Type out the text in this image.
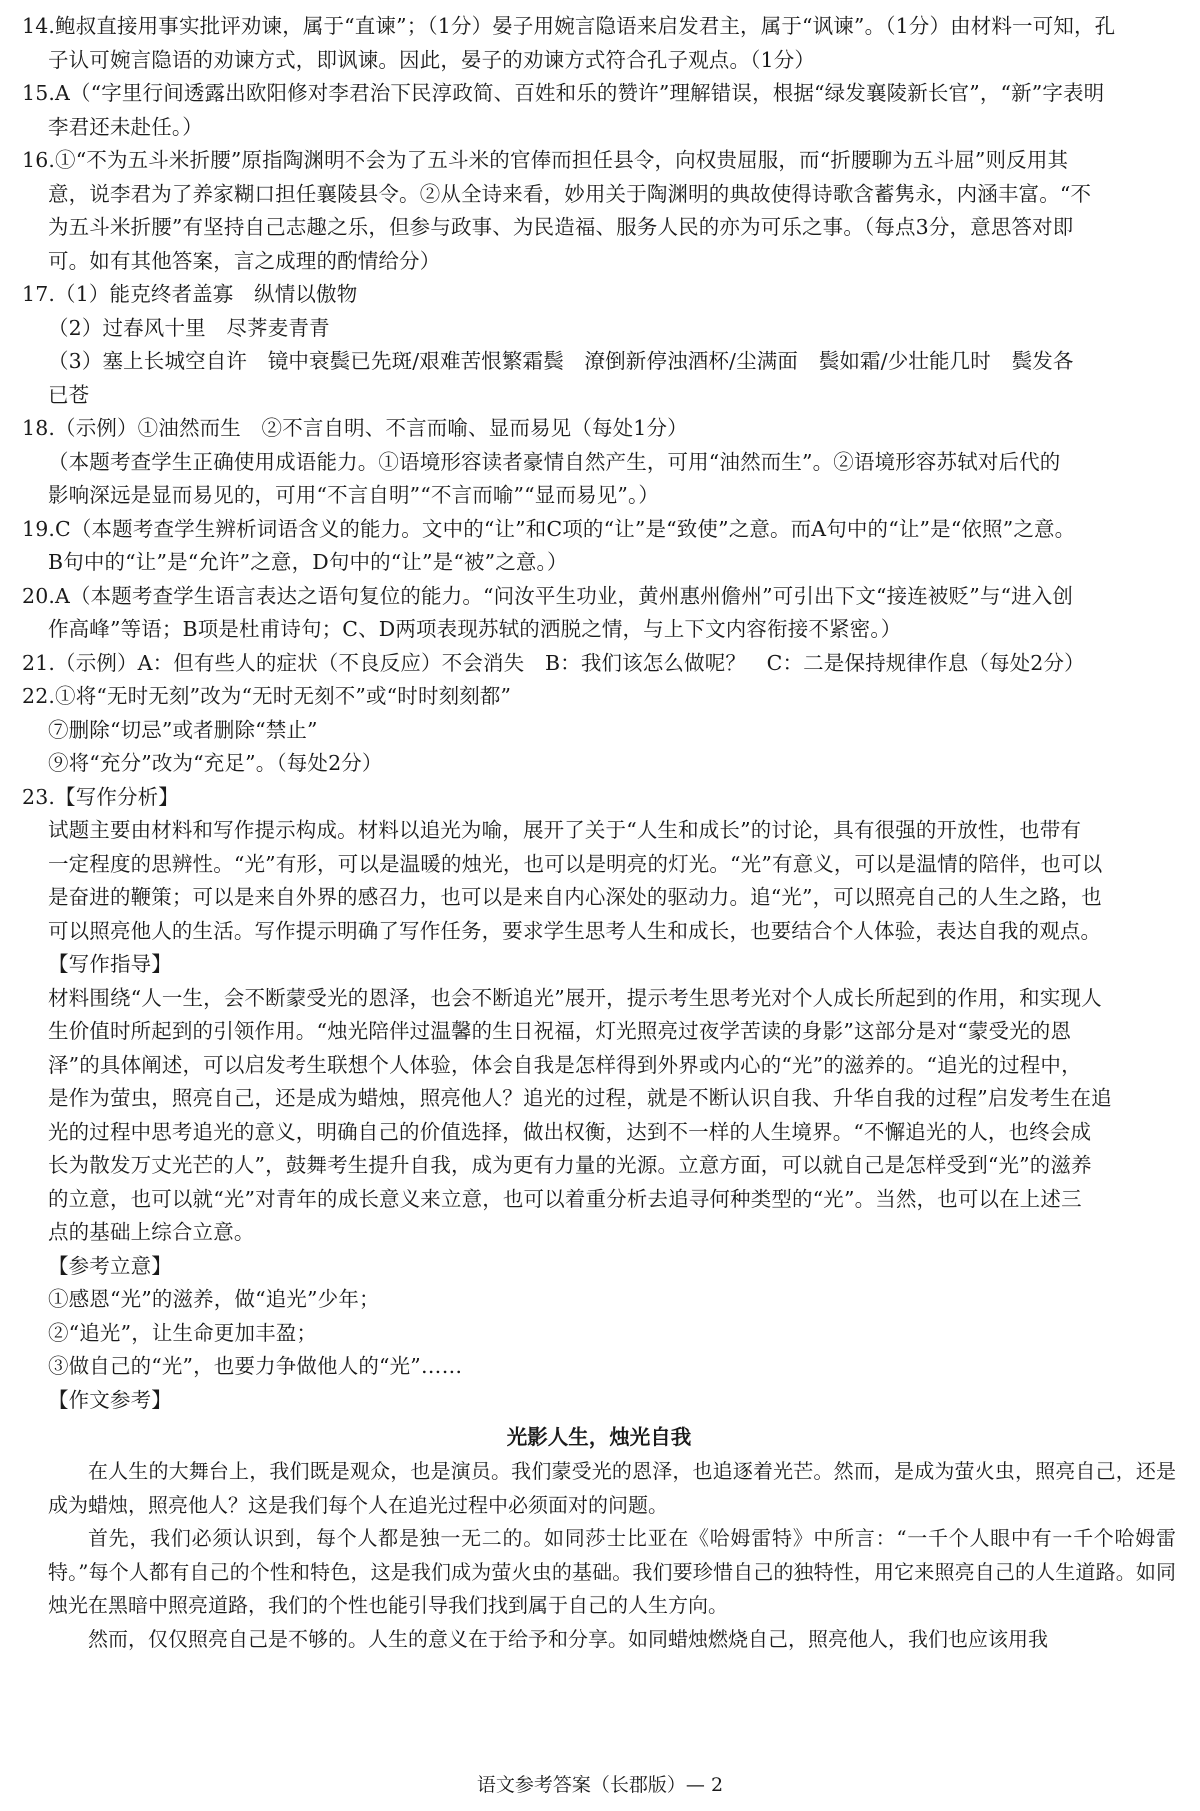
14.鲍叔直接用事实批评劝谏，属于“直谏”；（1分）晏子用婉言隐语来启发君主，属于“讽谏”。（1分）由材料一可知，孔
子认可婉言隐语的劝谏方式，即讽谏。因此，晏子的劝谏方式符合孔子观点。（1分）
15.A（“字里行间透露出欧阳修对李君治下民淳政简、百姓和乐的赞许”理解错误，根据“绿发襄陵新长官”，“新”字表明
李君还未赴任。）
16.①“不为五斗米折腰”原指陶渊明不会为了五斗米的官俸而担任县令，向权贵屈服，而“折腰聊为五斗屈”则反用其
意，说李君为了养家糊口担任襄陵县令。②从全诗来看，妙用关于陶渊明的典故使得诗歌含蓄隽永，内涵丰富。“不
为五斗米折腰”有坚持自己志趣之乐，但参与政事、为民造福、服务人民的亦为可乐之事。（每点3分，意思答对即
可。如有其他答案，言之成理的酌情给分）
17.（1）能克终者盖寡　纵情以傲物
（2）过春风十里　尽荠麦青青
（3）塞上长城空自许　镜中衰鬓已先斑/艰难苦恨繁霜鬓　潦倒新停浊酒杯/尘满面　鬓如霜/少壮能几时　鬓发各
已苍
18.（示例）①油然而生　②不言自明、不言而喻、显而易见（每处1分）
（本题考查学生正确使用成语能力。①语境形容读者豪情自然产生，可用“油然而生”。②语境形容苏轼对后代的
影响深远是显而易见的，可用“不言自明”“不言而喻”“显而易见”。）
19.C（本题考查学生辨析词语含义的能力。文中的“让”和C项的“让”是“致使”之意。而A句中的“让”是“依照”之意。
B句中的“让”是“允许”之意，D句中的“让”是“被”之意。）
20.A（本题考查学生语言表达之语句复位的能力。“问汝平生功业，黄州惠州儋州”可引出下文“接连被贬”与“进入创
作高峰”等语；B项是杜甫诗句；C、D两项表现苏轼的洒脱之情，与上下文内容衔接不紧密。）
21.（示例）A：但有些人的症状（不良反应）不会消失　B：我们该怎么做呢？　C：二是保持规律作息（每处2分）
22.①将“无时无刻”改为“无时无刻不”或“时时刻刻都”
⑦删除“切忌”或者删除“禁止”
⑨将“充分”改为“充足”。（每处2分）
23.【写作分析】
试题主要由材料和写作提示构成。材料以追光为喻，展开了关于“人生和成长”的讨论，具有很强的开放性，也带有
一定程度的思辨性。“光”有形，可以是温暖的烛光，也可以是明亮的灯光。“光”有意义，可以是温情的陪伴，也可以
是奋进的鞭策；可以是来自外界的感召力，也可以是来自内心深处的驱动力。追“光”，可以照亮自己的人生之路，也
可以照亮他人的生活。写作提示明确了写作任务，要求学生思考人生和成长，也要结合个人体验，表达自我的观点。
【写作指导】
材料围绕“人一生，会不断蒙受光的恩泽，也会不断追光”展开，提示考生思考光对个人成长所起到的作用，和实现人
生价值时所起到的引领作用。“烛光陪伴过温馨的生日祝福，灯光照亮过夜学苦读的身影”这部分是对“蒙受光的恩
泽”的具体阐述，可以启发考生联想个人体验，体会自我是怎样得到外界或内心的“光”的滋养的。“追光的过程中，
是作为萤虫，照亮自己，还是成为蜡烛，照亮他人？追光的过程，就是不断认识自我、升华自我的过程”启发考生在追
光的过程中思考追光的意义，明确自己的价值选择，做出权衡，达到不一样的人生境界。“不懈追光的人，也终会成
长为散发万丈光芒的人”，鼓舞考生提升自我，成为更有力量的光源。立意方面，可以就自己是怎样受到“光”的滋养
的立意，也可以就“光”对青年的成长意义来立意，也可以着重分析去追寻何种类型的“光”。当然，也可以在上述三
点的基础上综合立意。
【参考立意】
①感恩“光”的滋养，做“追光”少年；
②“追光”，让生命更加丰盈；
③做自己的“光”，也要力争做他人的“光”……
【作文参考】
光影人生，烛光自我
在人生的大舞台上，我们既是观众，也是演员。我们蒙受光的恩泽，也追逐着光芒。然而，是成为萤火虫，照亮自己，还是成为蜡烛，照亮他人？这是我们每个人在追光过程中必须面对的问题。
首先，我们必须认识到，每个人都是独一无二的。如同莎士比亚在《哈姆雷特》中所言：“一千个人眼中有一千个哈姆雷特。”每个人都有自己的个性和特色，这是我们成为萤火虫的基础。我们要珍惜自己的独特性，用它来照亮自己的人生道路。如同烛光在黑暗中照亮道路，我们的个性也能引导我们找到属于自己的人生方向。
然而，仅仅照亮自己是不够的。人生的意义在于给予和分享。如同蜡烛燃烧自己，照亮他人，我们也应该用我
语文参考答案（长郡版）— 2
